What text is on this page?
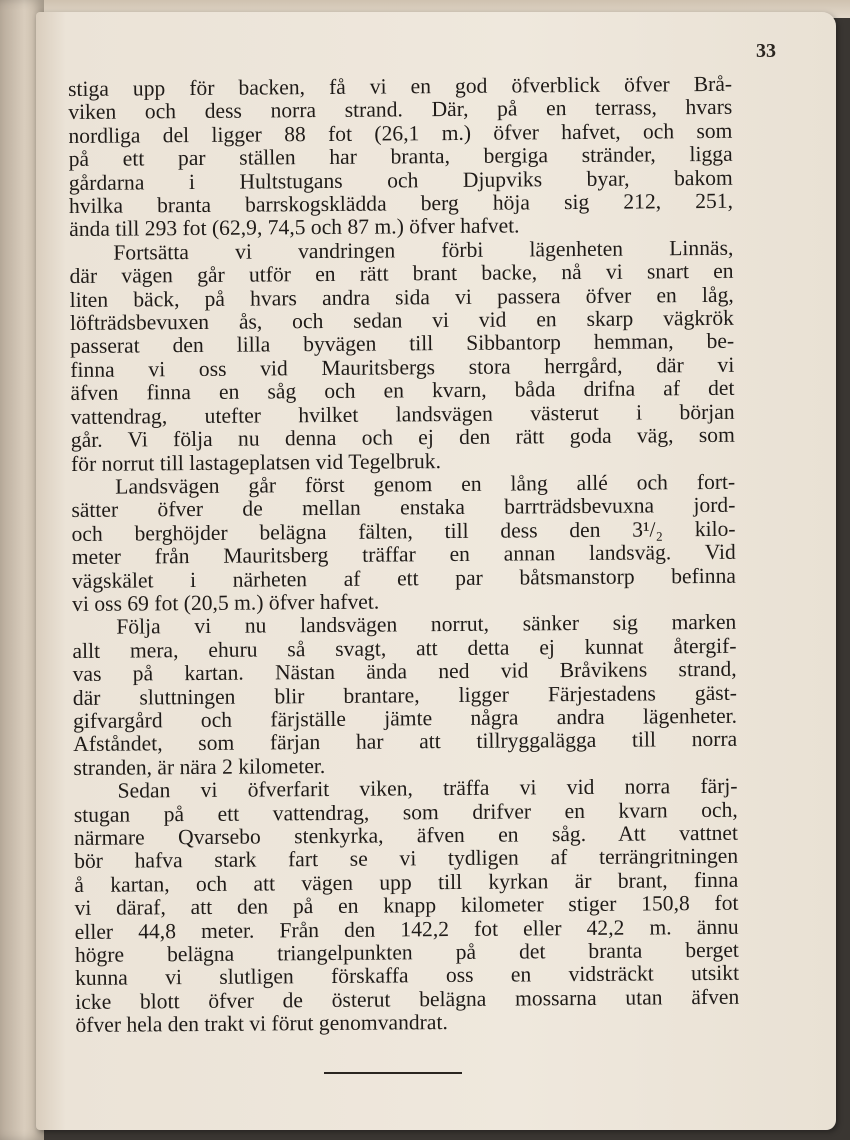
33
stiga upp för backen, få vi en god öfverblick öfver Brå-
viken och dess norra strand. Där, på en terrass, hvars
nordliga del ligger 88 fot (26,1 m.) öfver hafvet, och som
på ett par ställen har branta, bergiga stränder, ligga
gårdarna i Hultstugans och Djupviks byar, bakom
hvilka branta barrskogsklädda berg höja sig 212, 251,
ända till 293 fot (62,9, 74,5 och 87 m.) öfver hafvet.
Fortsätta vi vandringen förbi lägenheten Linnäs,
där vägen går utför en rätt brant backe, nå vi snart en
liten bäck, på hvars andra sida vi passera öfver en låg,
löfträdsbevuxen ås, och sedan vi vid en skarp vägkrök
passerat den lilla byvägen till Sibbantorp hemman, be-
finna vi oss vid Mauritsbergs stora herrgård, där vi
äfven finna en såg och en kvarn, båda drifna af det
vattendrag, utefter hvilket landsvägen västerut i början
går. Vi följa nu denna och ej den rätt goda väg, som
för norrut till lastageplatsen vid Tegelbruk.
Landsvägen går först genom en lång allé och fort-
sätter öfver de mellan enstaka barrträdsbevuxna jord-
och berghöjder belägna fälten, till dess den 3¹/₂ kilo-
meter från Mauritsberg träffar en annan landsväg. Vid
vägskälet i närheten af ett par båtsmanstorp befinna
vi oss 69 fot (20,5 m.) öfver hafvet.
Följa vi nu landsvägen norrut, sänker sig marken
allt mera, ehuru så svagt, att detta ej kunnat återgif-
vas på kartan. Nästan ända ned vid Bråvikens strand,
där sluttningen blir brantare, ligger Färjestadens gäst-
gifvargård och färjställe jämte några andra lägenheter.
Afståndet, som färjan har att tillryggalägga till norra
stranden, är nära 2 kilometer.
Sedan vi öfverfarit viken, träffa vi vid norra färj-
stugan på ett vattendrag, som drifver en kvarn och,
närmare Qvarsebo stenkyrka, äfven en såg. Att vattnet
bör hafva stark fart se vi tydligen af terrängritningen
å kartan, och att vägen upp till kyrkan är brant, finna
vi däraf, att den på en knapp kilometer stiger 150,8 fot
eller 44,8 meter. Från den 142,2 fot eller 42,2 m. ännu
högre belägna triangelpunkten på det branta berget
kunna vi slutligen förskaffa oss en vidsträckt utsikt
icke blott öfver de österut belägna mossarna utan äfven
öfver hela den trakt vi förut genomvandrat.
